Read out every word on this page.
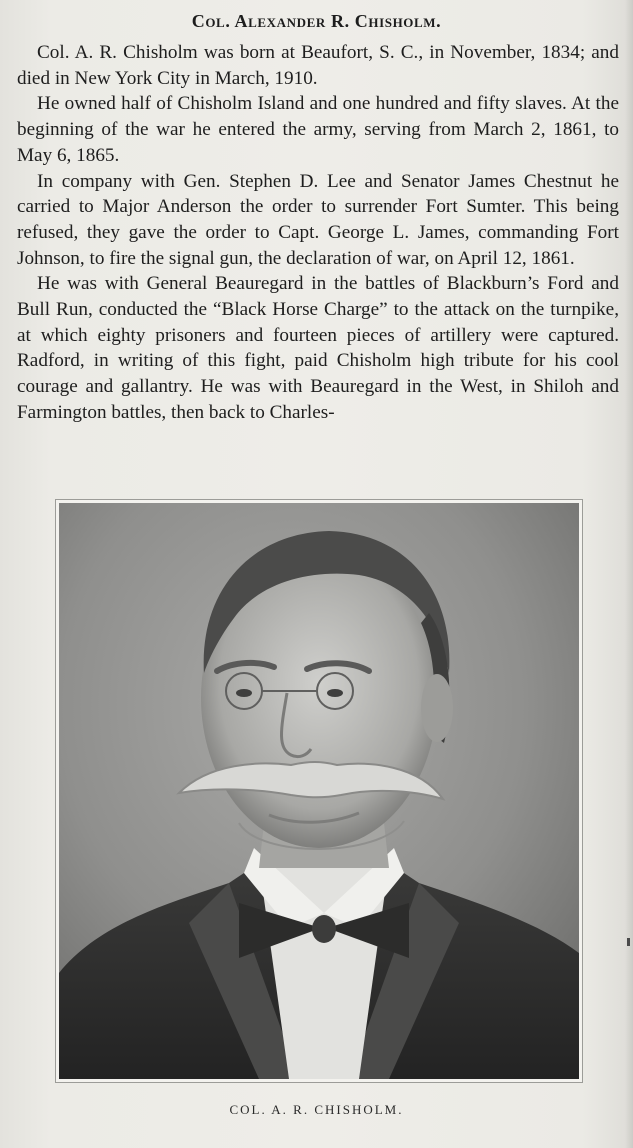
Col. Alexander R. Chisholm.

Col. A. R. Chisholm was born at Beaufort, S. C., in November, 1834; and died in New York City in March, 1910.

He owned half of Chisholm Island and one hundred and fifty slaves. At the beginning of the war he entered the army, serving from March 2, 1861, to May 6, 1865.

In company with Gen. Stephen D. Lee and Senator James Chestnut he carried to Major Anderson the order to surrender Fort Sumter. This being refused, they gave the order to Capt. George L. James, commanding Fort Johnson, to fire the signal gun, the declaration of war, on April 12, 1861.

He was with General Beauregard in the battles of Blackburn’s Ford and Bull Run, conducted the “Black Horse Charge” to the attack on the turnpike, at which eighty prisoners and fourteen pieces of artillery were captured. Radford, in writing of this fight, paid Chisholm high tribute for his cool courage and gallantry. He was with Beauregard in the West, in Shiloh and Farmington battles, then back to Charles-

COL. A. R. CHISHOLM.
